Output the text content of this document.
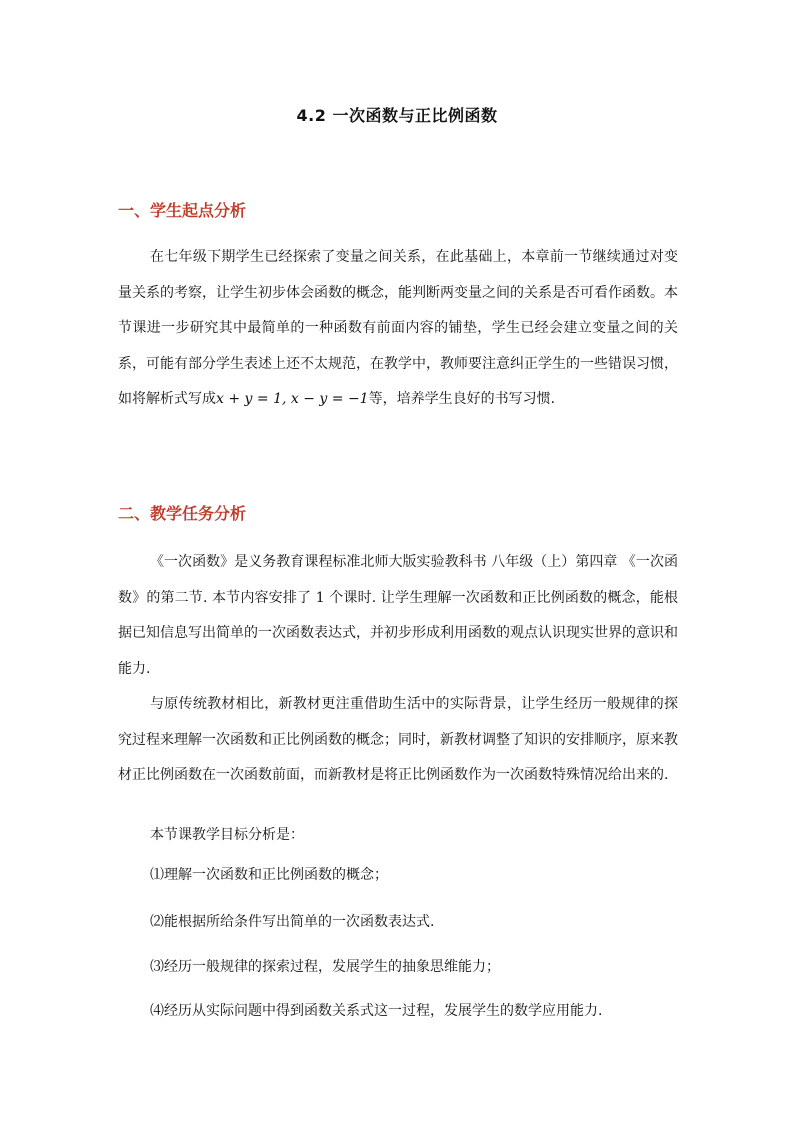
4.2 一次函数与正比例函数
一、学生起点分析

在七年级下期学生已经探索了变量之间关系，在此基础上，本章前一节继续通过对变量关系的考察，让学生初步体会函数的概念，能判断两变量之间的关系是否可看作函数。本节课进一步研究其中最简单的一种函数有前面内容的铺垫，学生已经会建立变量之间的关系，可能有部分学生表述上还不太规范，在教学中，教师要注意纠正学生的一些错误习惯，如将解析式写成x + y = 1, x − y = −1等，培养学生良好的书写习惯.

二、教学任务分析

《一次函数》是义务教育课程标准北师大版实验教科书 八年级（上）第四章 《一次函数》的第二节. 本节内容安排了 1 个课时. 让学生理解一次函数和正比例函数的概念，能根据已知信息写出简单的一次函数表达式，并初步形成利用函数的观点认识现实世界的意识和能力.

与原传统教材相比，新教材更注重借助生活中的实际背景，让学生经历一般规律的探究过程来理解一次函数和正比例函数的概念；同时，新教材调整了知识的安排顺序，原来教材正比例函数在一次函数前面，而新教材是将正比例函数作为一次函数特殊情况给出来的.

本节课教学目标分析是：

⑴理解一次函数和正比例函数的概念；

⑵能根据所给条件写出简单的一次函数表达式.

⑶经历一般规律的探索过程，发展学生的抽象思维能力；

⑷经历从实际问题中得到函数关系式这一过程，发展学生的数学应用能力.
